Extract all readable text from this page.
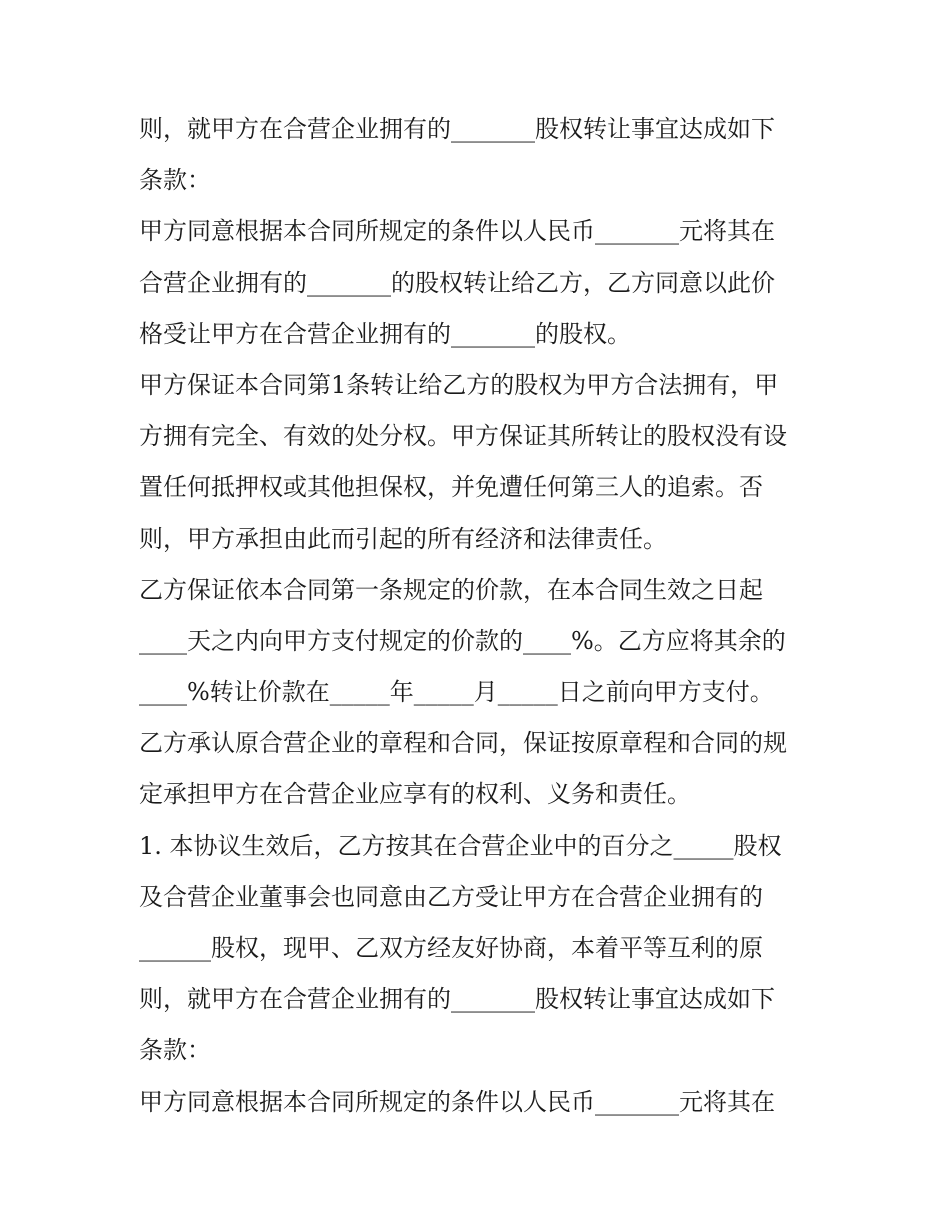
则，就甲方在合营企业拥有的_______股权转让事宜达成如下
条款：
甲方同意根据本合同所规定的条件以人民币_______元将其在
合营企业拥有的_______的股权转让给乙方，乙方同意以此价
格受让甲方在合营企业拥有的_______的股权。
甲方保证本合同第1条转让给乙方的股权为甲方合法拥有，甲
方拥有完全、有效的处分权。甲方保证其所转让的股权没有设
置任何抵押权或其他担保权，并免遭任何第三人的追索。否
则，甲方承担由此而引起的所有经济和法律责任。
乙方保证依本合同第一条规定的价款，在本合同生效之日起
____天之内向甲方支付规定的价款的____%。乙方应将其余的
____%转让价款在_____年_____月_____日之前向甲方支付。
乙方承认原合营企业的章程和合同，保证按原章程和合同的规
定承担甲方在合营企业应享有的权利、义务和责任。
1. 本协议生效后，乙方按其在合营企业中的百分之_____股权
及合营企业董事会也同意由乙方受让甲方在合营企业拥有的
______股权，现甲、乙双方经友好协商，本着平等互利的原
则，就甲方在合营企业拥有的_______股权转让事宜达成如下
条款：
甲方同意根据本合同所规定的条件以人民币_______元将其在
